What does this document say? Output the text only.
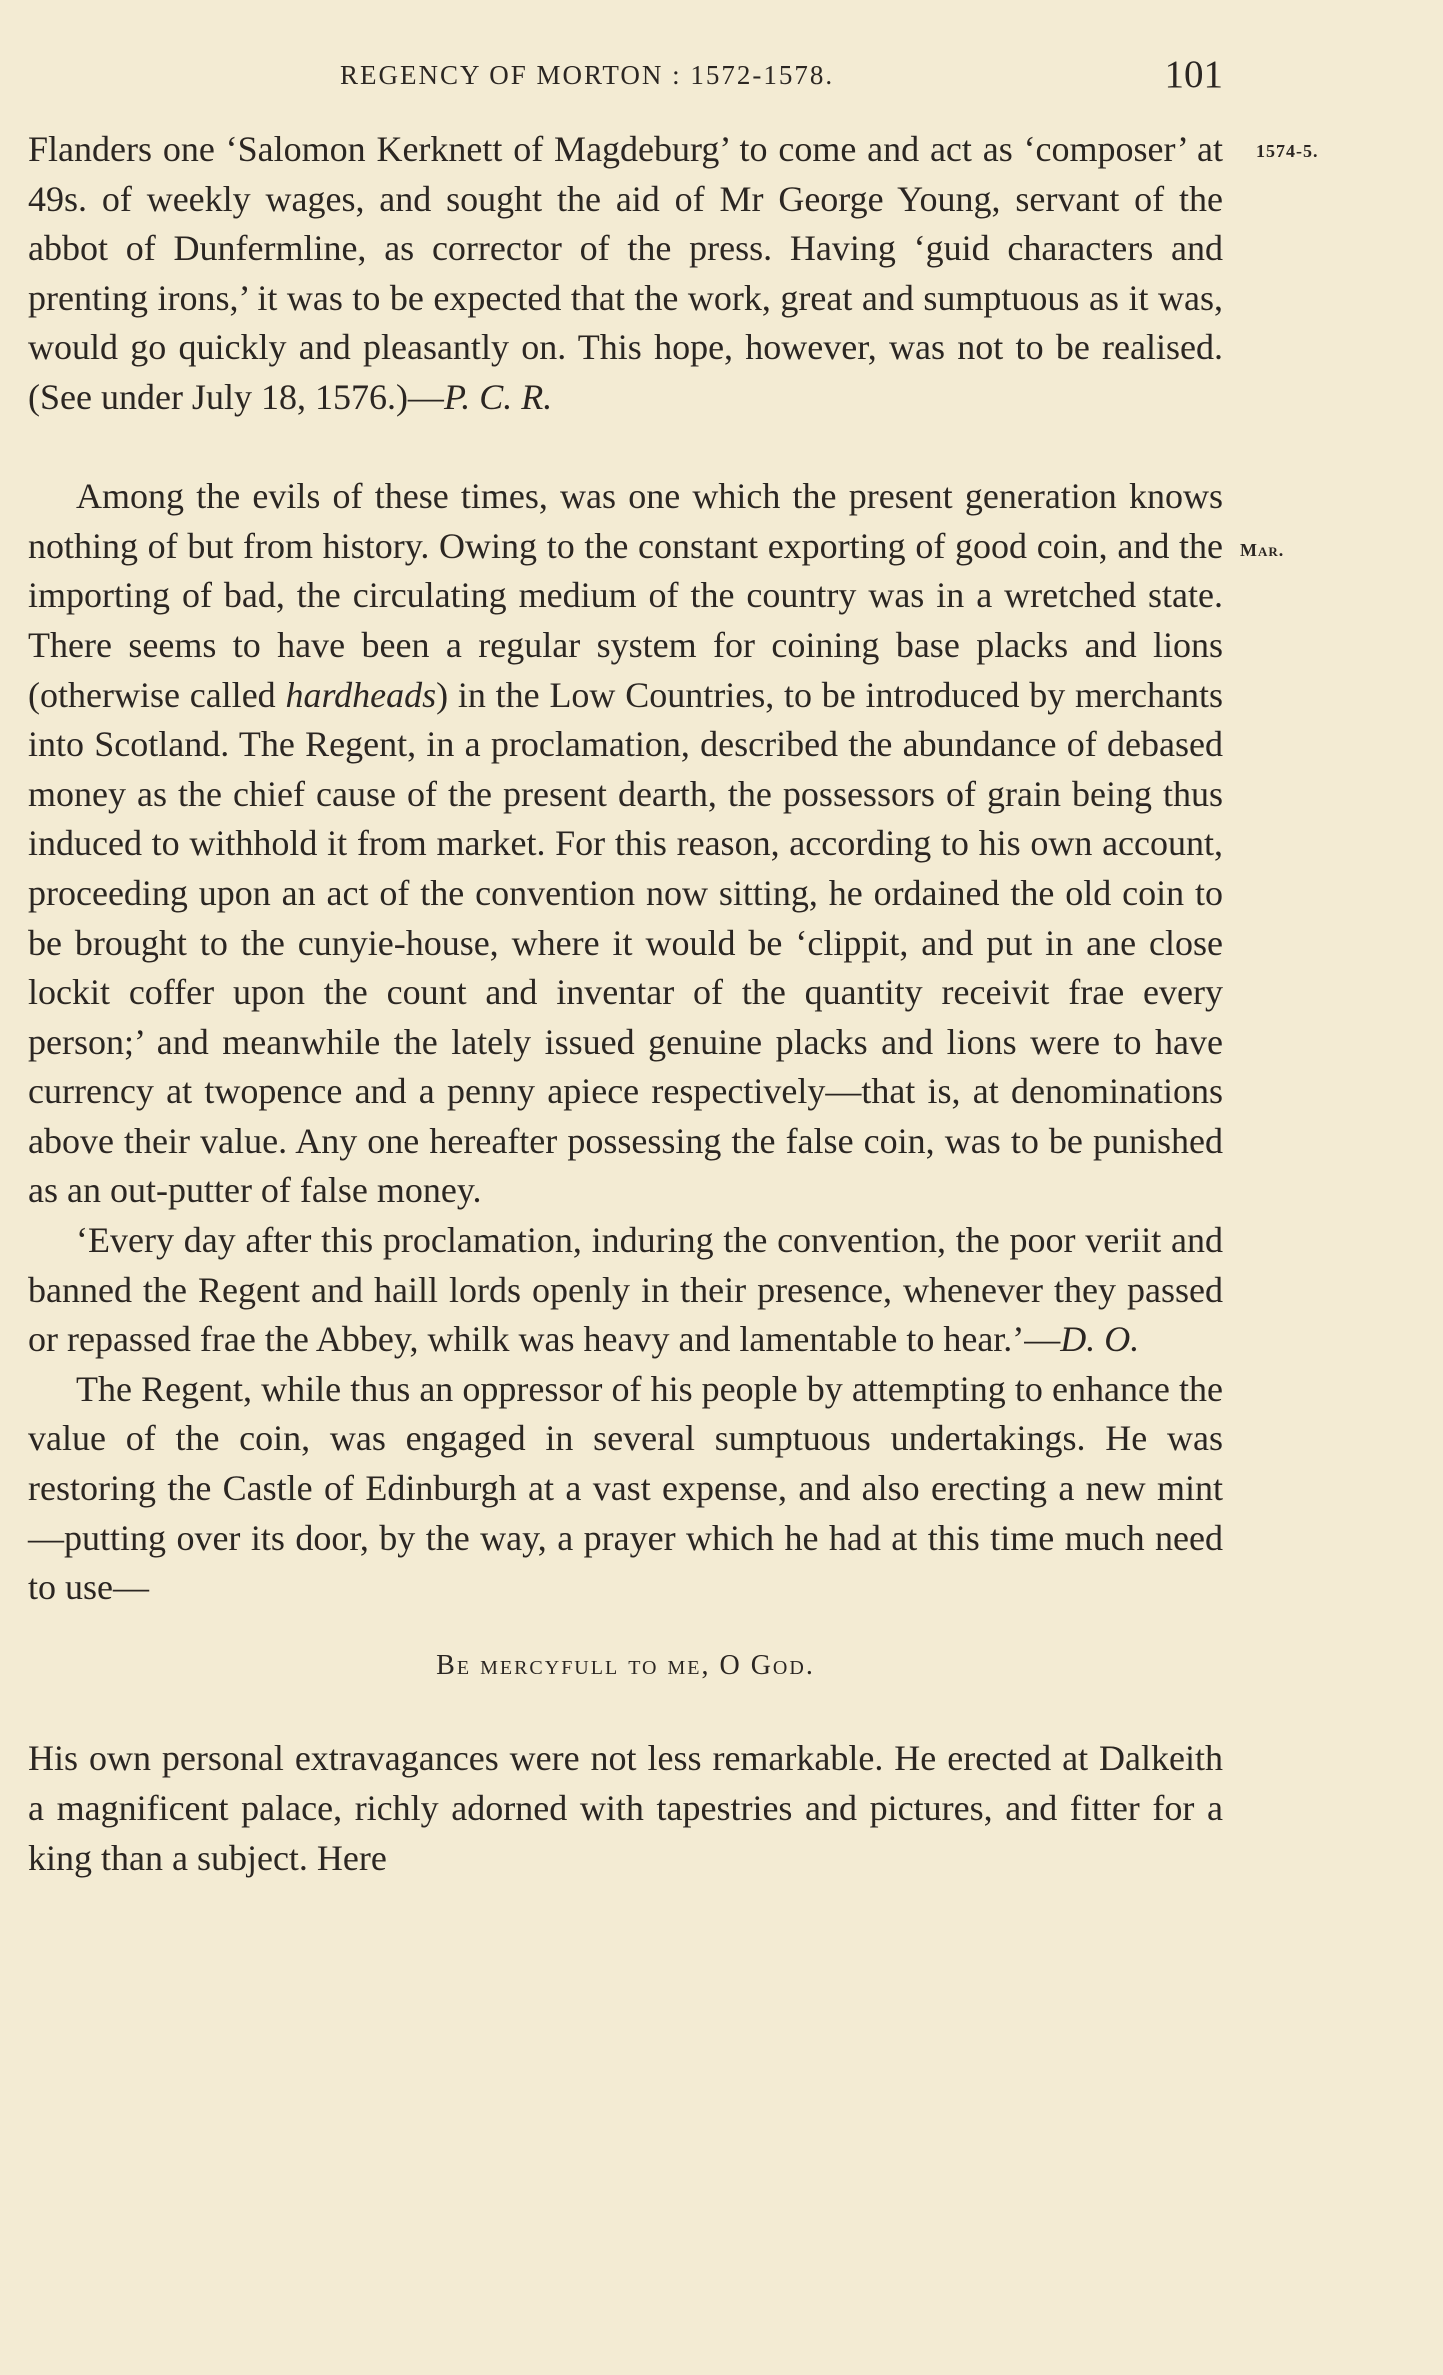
REGENCY OF MORTON : 1572-1578.	101
1574-5.
Mar.

Flanders one ‘Salomon Kerknett of Magdeburg’ to come and act as ‘composer’ at 49s. of weekly wages, and sought the aid of Mr George Young, servant of the abbot of Dunfermline, as corrector of the press. Having ‘guid characters and prenting irons,’ it was to be expected that the work, great and sumptuous as it was, would go quickly and pleasantly on. This hope, however, was not to be realised. (See under July 18, 1576.)—P. C. R.

Among the evils of these times, was one which the present generation knows nothing of but from history. Owing to the constant exporting of good coin, and the importing of bad, the circulating medium of the country was in a wretched state. There seems to have been a regular system for coining base placks and lions (otherwise called hardheads) in the Low Countries, to be introduced by merchants into Scotland. The Regent, in a proclamation, described the abundance of debased money as the chief cause of the present dearth, the possessors of grain being thus induced to withhold it from market. For this reason, according to his own account, proceeding upon an act of the convention now sitting, he ordained the old coin to be brought to the cunyie-house, where it would be ‘clippit, and put in ane close lockit coffer upon the count and inventar of the quantity receivit frae every person;’ and meanwhile the lately issued genuine placks and lions were to have currency at twopence and a penny apiece respectively—that is, at denominations above their value. Any one hereafter possessing the false coin, was to be punished as an out-putter of false money.

‘Every day after this proclamation, induring the convention, the poor veriit and banned the Regent and haill lords openly in their presence, whenever they passed or repassed frae the Abbey, whilk was heavy and lamentable to hear.’—D. O.

The Regent, while thus an oppressor of his people by attempting to enhance the value of the coin, was engaged in several sumptuous undertakings. He was restoring the Castle of Edinburgh at a vast expense, and also erecting a new mint—putting over its door, by the way, a prayer which he had at this time much need to use—

Be mercyfull to me, O God.

His own personal extravagances were not less remarkable. He erected at Dalkeith a magnificent palace, richly adorned with tapestries and pictures, and fitter for a king than a subject. Here
